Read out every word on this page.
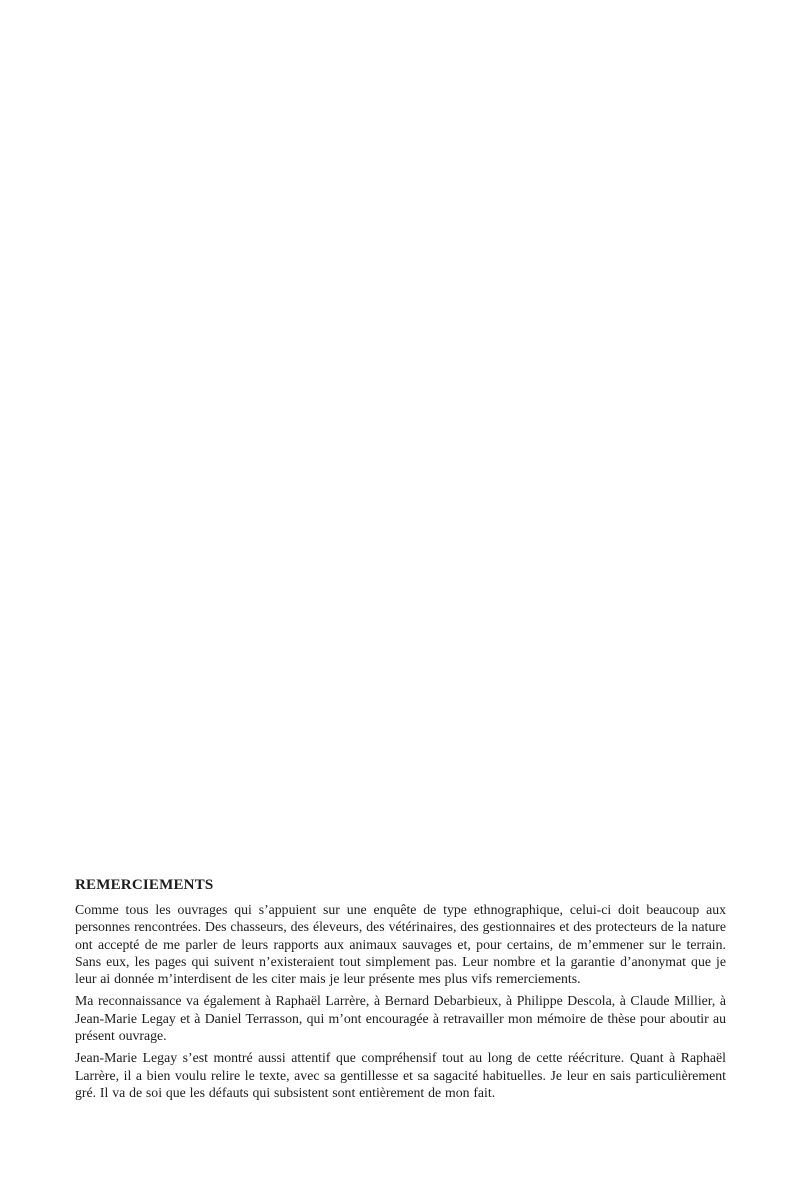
REMERCIEMENTS

Comme tous les ouvrages qui s’appuient sur une enquête de type ethnographique, celui-ci doit beaucoup aux personnes rencontrées. Des chasseurs, des éleveurs, des vétérinaires, des gestionnaires et des protecteurs de la nature ont accepté de me parler de leurs rapports aux animaux sauvages et, pour certains, de m’emmener sur le terrain. Sans eux, les pages qui suivent n’existeraient tout simplement pas. Leur nombre et la garantie d’anonymat que je leur ai donnée m’interdisent de les citer mais je leur présente mes plus vifs remerciements.

Ma reconnaissance va également à Raphaël Larrère, à Bernard Debarbieux, à Philippe Descola, à Claude Millier, à Jean-Marie Legay et à Daniel Terrasson, qui m’ont encouragée à retravailler mon mémoire de thèse pour aboutir au présent ouvrage.

Jean-Marie Legay s’est montré aussi attentif que compréhensif tout au long de cette réécriture. Quant à Raphaël Larrère, il a bien voulu relire le texte, avec sa gentillesse et sa sagacité habituelles. Je leur en sais particulièrement gré. Il va de soi que les défauts qui subsistent sont entièrement de mon fait.
